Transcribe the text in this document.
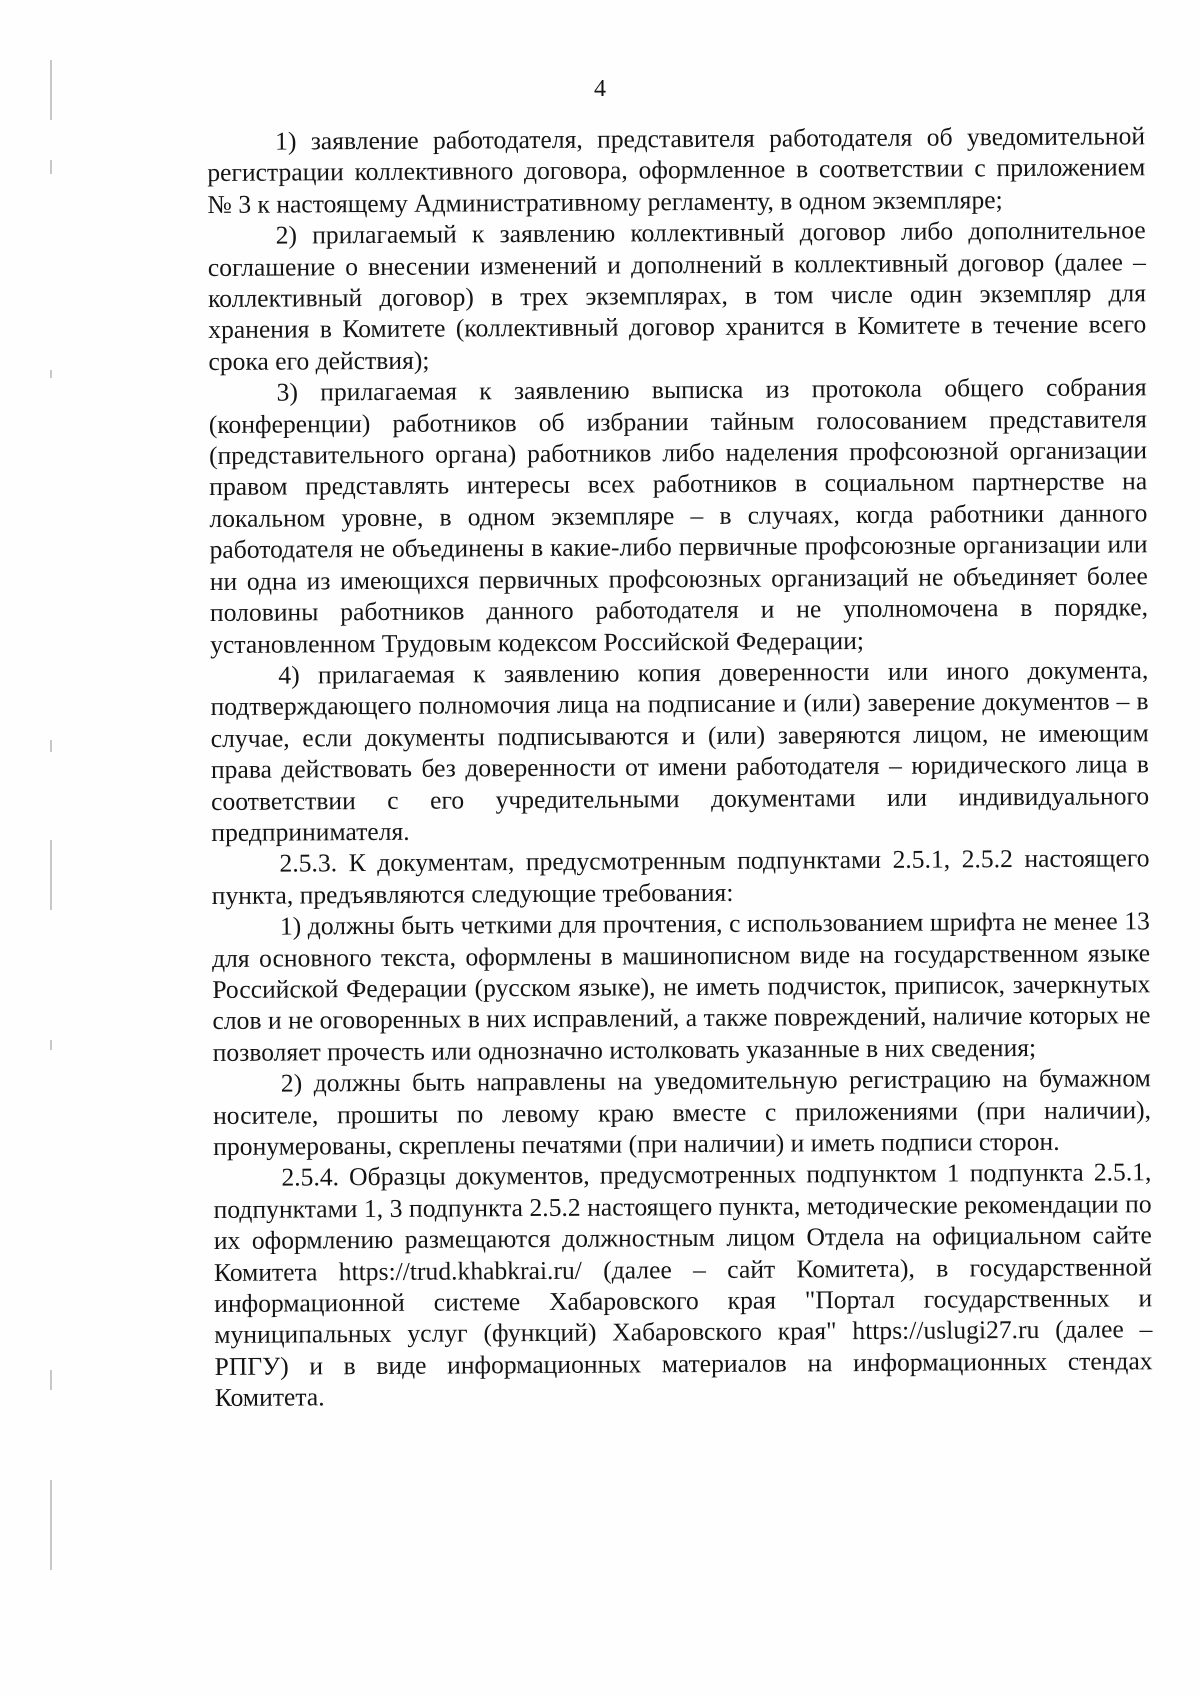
4

1) заявление работодателя, представителя работодателя об уведомительной регистрации коллективного договора, оформленное в соответствии с приложением № 3 к настоящему Административному регламенту, в одном экземпляре;

2) прилагаемый к заявлению коллективный договор либо дополнительное соглашение о внесении изменений и дополнений в коллективный договор (далее – коллективный договор) в трех экземплярах, в том числе один экземпляр для хранения в Комитете (коллективный договор хранится в Комитете в течение всего срока его действия);

3) прилагаемая к заявлению выписка из протокола общего собрания (конференции) работников об избрании тайным голосованием представителя (представительного органа) работников либо наделения профсоюзной организации правом представлять интересы всех работников в социальном партнерстве на локальном уровне, в одном экземпляре – в случаях, когда работники данного работодателя не объединены в какие-либо первичные профсоюзные организации или ни одна из имеющихся первичных профсоюзных организаций не объединяет более половины работников данного работодателя и не уполномочена в порядке, установленном Трудовым кодексом Российской Федерации;

4) прилагаемая к заявлению копия доверенности или иного документа, подтверждающего полномочия лица на подписание и (или) заверение документов – в случае, если документы подписываются и (или) заверяются лицом, не имеющим права действовать без доверенности от имени работодателя – юридического лица в соответствии с его учредительными документами или индивидуального предпринимателя.

2.5.3. К документам, предусмотренным подпунктами 2.5.1, 2.5.2 настоящего пункта, предъявляются следующие требования:

1) должны быть четкими для прочтения, с использованием шрифта не менее 13 для основного текста, оформлены в машинописном виде на государственном языке Российской Федерации (русском языке), не иметь подчисток, приписок, зачеркнутых слов и не оговоренных в них исправлений, а также повреждений, наличие которых не позволяет прочесть или однозначно истолковать указанные в них сведения;

2) должны быть направлены на уведомительную регистрацию на бумажном носителе, прошиты по левому краю вместе с приложениями (при наличии), пронумерованы, скреплены печатями (при наличии) и иметь подписи сторон.

2.5.4. Образцы документов, предусмотренных подпунктом 1 подпункта 2.5.1, подпунктами 1, 3 подпункта 2.5.2 настоящего пункта, методические рекомендации по их оформлению размещаются должностным лицом Отдела на официальном сайте Комитета https://trud.khabkrai.ru/ (далее – сайт Комитета), в государственной информационной системе Хабаровского края "Портал государственных и муниципальных услуг (функций) Хабаровского края" https://uslugi27.ru (далее – РПГУ) и в виде информационных материалов на информационных стендах Комитета.
